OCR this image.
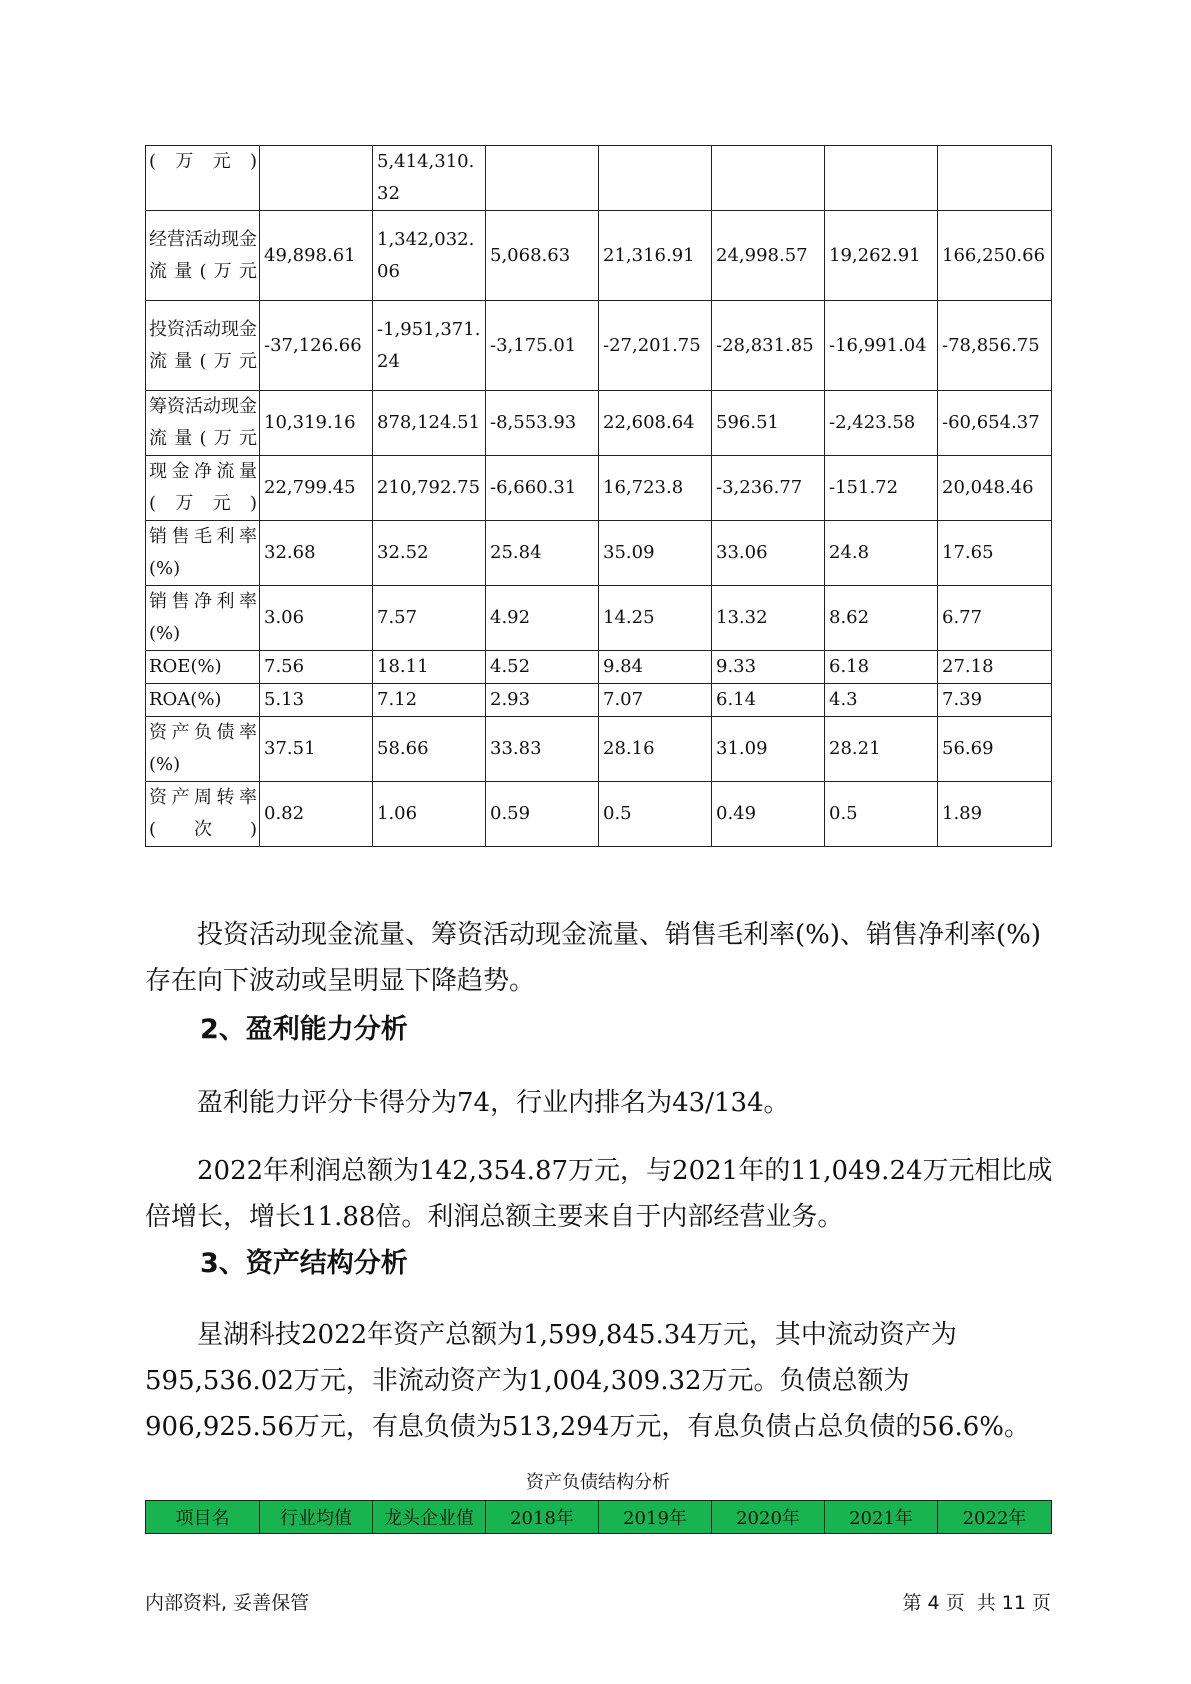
(万元)		5,414,310.32					
经营活动现金流量(万元	49,898.61	1,342,032.06	5,068.63	21,316.91	24,998.57	19,262.91	166,250.66
投资活动现金流量(万元	-37,126.66	-1,951,371.24	-3,175.01	-27,201.75	-28,831.85	-16,991.04	-78,856.75
筹资活动现金流量(万元	10,319.16	878,124.51	-8,553.93	22,608.64	596.51	-2,423.58	-60,654.37
现金净流量(万元)	22,799.45	210,792.75	-6,660.31	16,723.8	-3,236.77	-151.72	20,048.46
销售毛利率(%)	32.68	32.52	25.84	35.09	33.06	24.8	17.65
销售净利率(%)	3.06	7.57	4.92	14.25	13.32	8.62	6.77
ROE(%)	7.56	18.11	4.52	9.84	9.33	6.18	27.18
ROA(%)	5.13	7.12	2.93	7.07	6.14	4.3	7.39
资产负债率(%)	37.51	58.66	33.83	28.16	31.09	28.21	56.69
资产周转率(次)	0.82	1.06	0.59	0.5	0.49	0.5	1.89

投资活动现金流量、筹资活动现金流量、销售毛利率(%)、销售净利率(%)存在向下波动或呈明显下降趋势。

2、盈利能力分析

盈利能力评分卡得分为74，行业内排名为43/134。

2022年利润总额为142,354.87万元，与2021年的11,049.24万元相比成倍增长，增长11.88倍。利润总额主要来自于内部经营业务。

3、资产结构分析

星湖科技2022年资产总额为1,599,845.34万元，其中流动资产为595,536.02万元，非流动资产为1,004,309.32万元。负债总额为906,925.56万元，有息负债为513,294万元，有息负债占总负债的56.6%。

资产负债结构分析
项目名	行业均值	龙头企业值	2018年	2019年	2020年	2021年	2022年
内部资料, 妥善保管	第 4 页  共 11 页
